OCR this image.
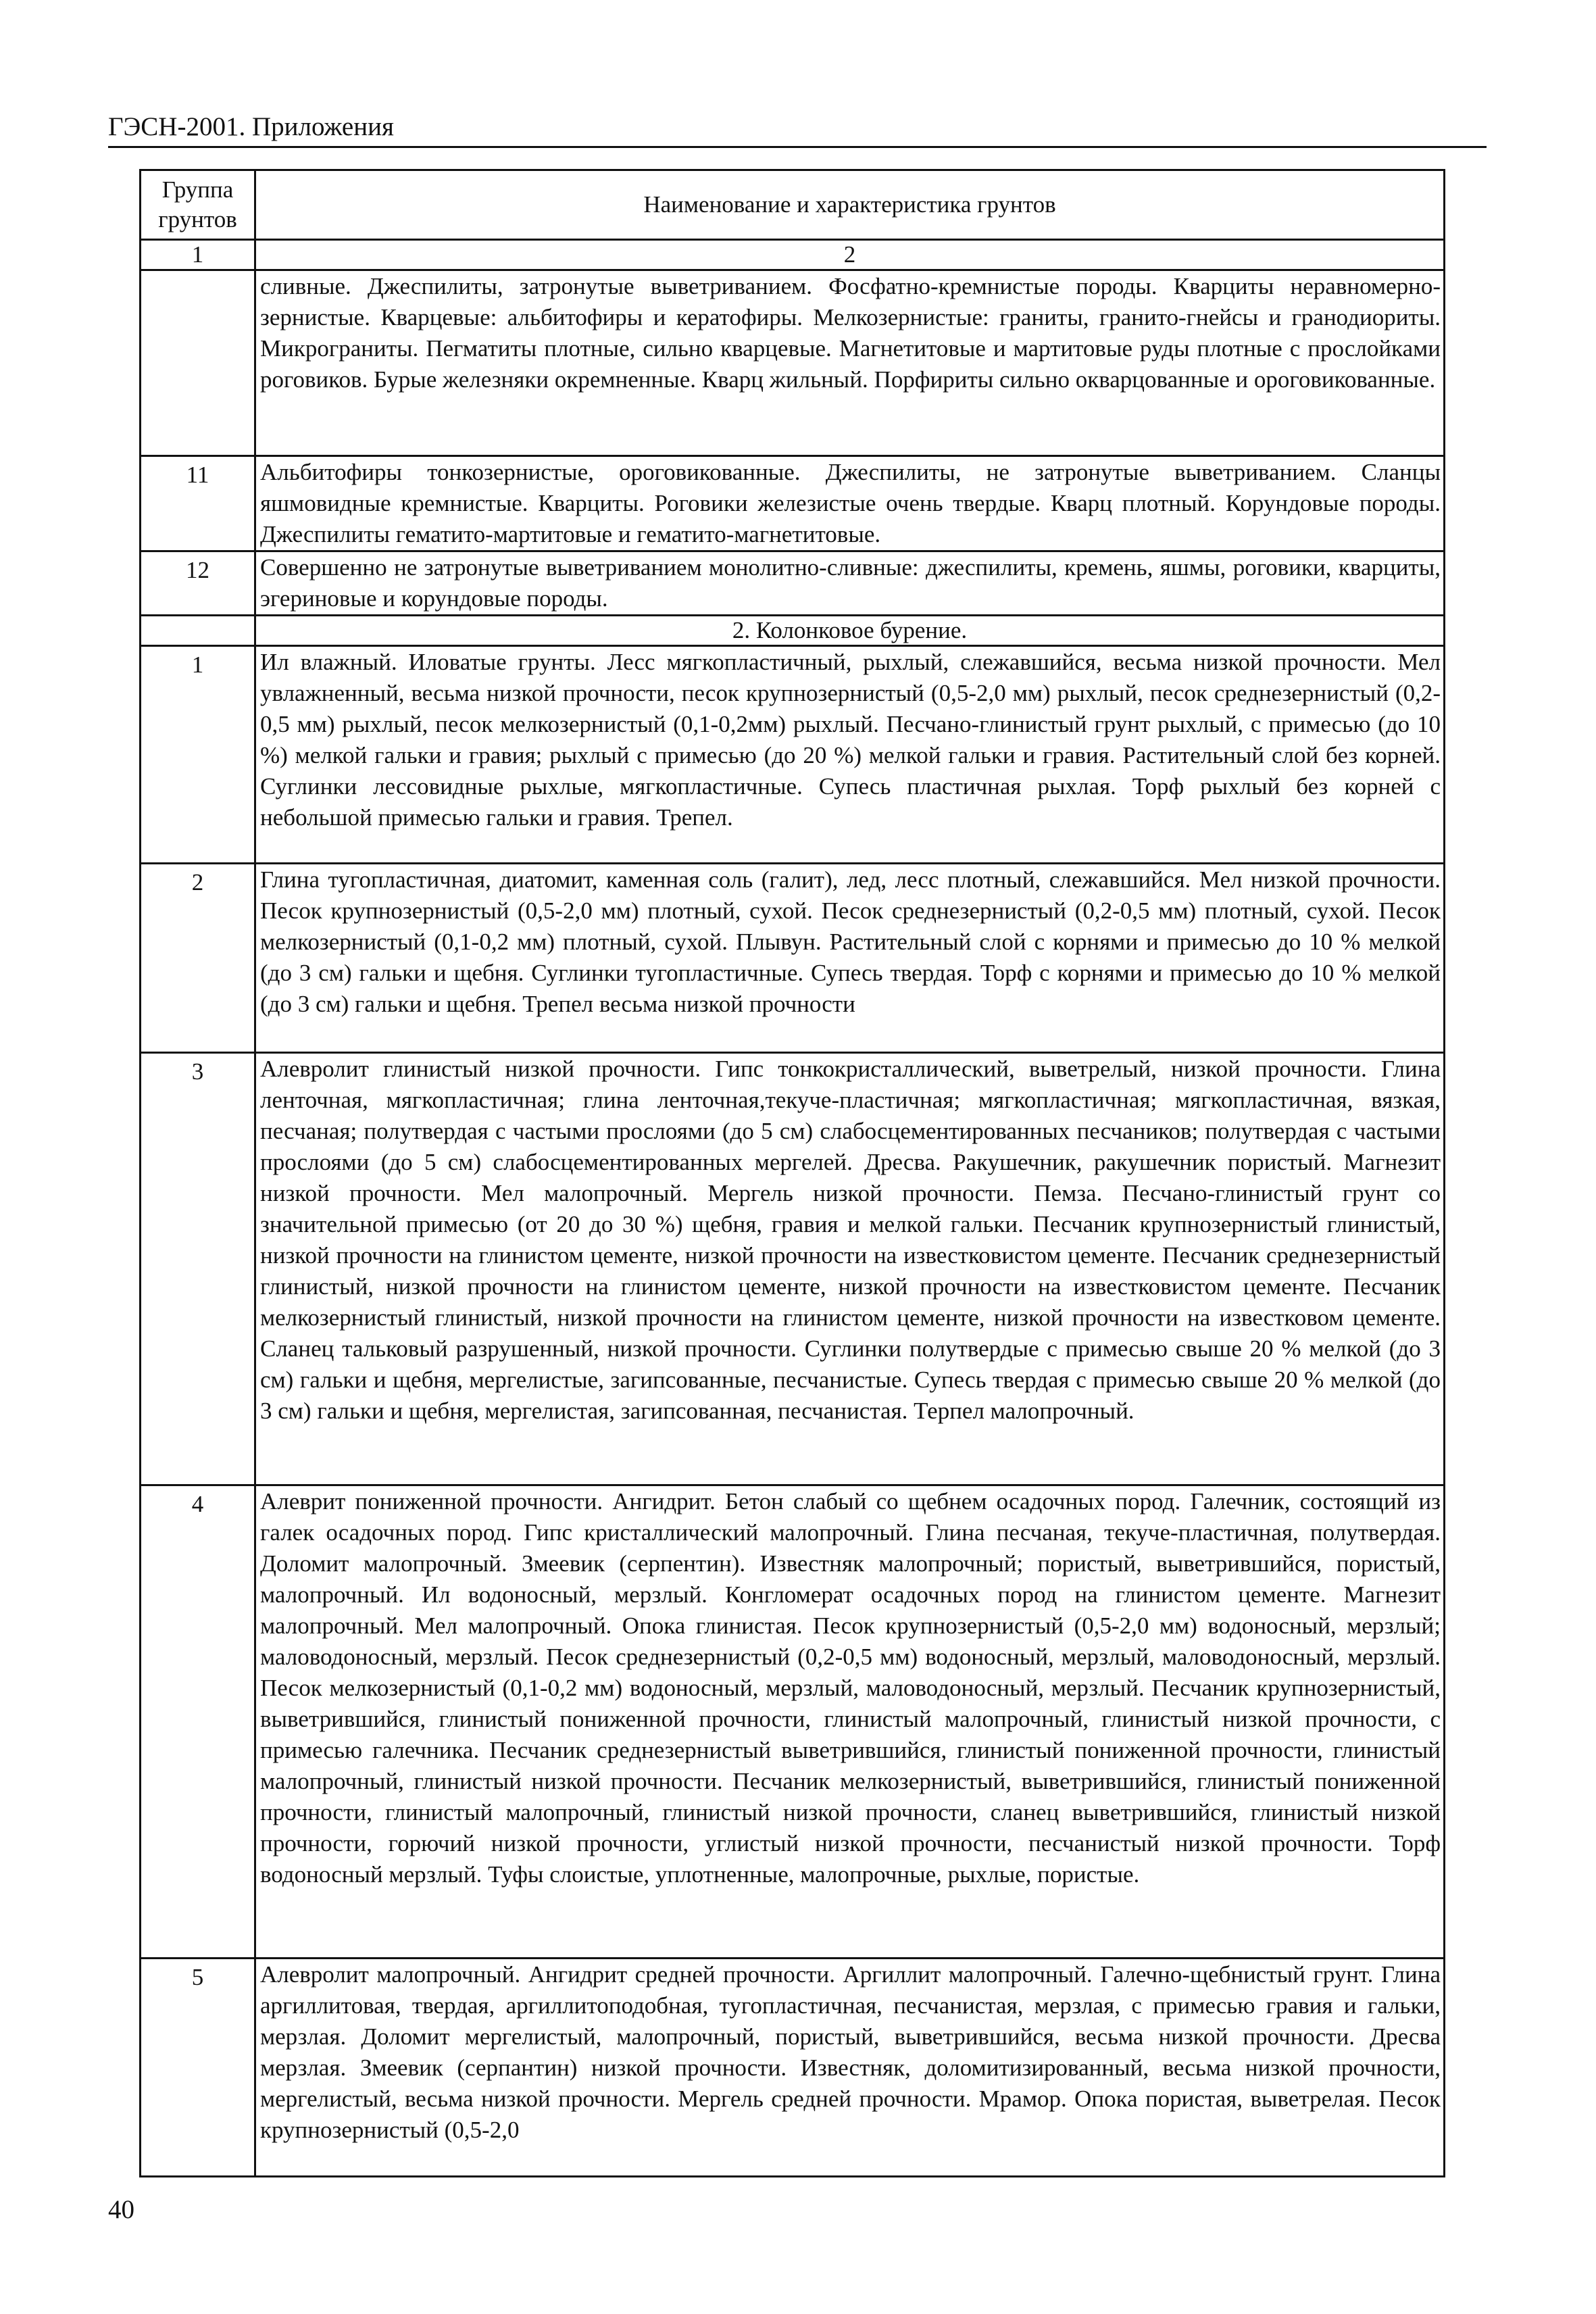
ГЭСН-2001. Приложения
Группа грунтов	Наименование и характеристика грунтов
1	2
	сливные. Джеспилиты, затронутые выветриванием. Фосфатно-кремнистые породы. Кварциты неравномерно-зернистые. Кварцевые: альбитофиры и кератофиры. Мелкозернистые: граниты, гранито-гнейсы и гранодиориты. Микрограниты. Пегматиты плотные, сильно кварцевые. Магнетитовые и мартитовые руды плотные с прослойками роговиков. Бурые железняки окремненные. Кварц жильный. Порфириты сильно окварцованные и ороговикованные.
11	Альбитофиры тонкозернистые, ороговикованные. Джеспилиты, не затронутые выветриванием. Сланцы яшмовидные кремнистые. Кварциты. Роговики железистые очень твердые. Кварц плотный. Корундовые породы. Джеспилиты гематито-мартитовые и гематито-магнетитовые.
12	Совершенно не затронутые выветриванием монолитно-сливные: джеспилиты, кремень, яшмы, роговики, кварциты, эгериновые и корундовые породы.
	2. Колонковое бурение.
1	Ил влажный. Иловатые грунты. Лесс мягкопластичный, рыхлый, слежавшийся, весьма низкой прочности. Мел увлажненный, весьма низкой прочности, песок крупнозернистый (0,5-2,0 мм) рыхлый, песок среднезернистый (0,2-0,5 мм) рыхлый, песок мелкозернистый (0,1-0,2мм) рыхлый. Песчано-глинистый грунт рыхлый, с примесью (до 10 %) мелкой гальки и гравия; рыхлый с примесью (до 20 %) мелкой гальки и гравия. Растительный слой без корней. Суглинки лессовидные рыхлые, мягкопластичные. Супесь пластичная рыхлая. Торф рыхлый без корней с небольшой примесью гальки и гравия. Трепел.
2	Глина тугопластичная, диатомит, каменная соль (галит), лед, лесс плотный, слежавшийся. Мел низкой прочности. Песок крупнозернистый (0,5-2,0 мм) плотный, сухой. Песок среднезернистый (0,2-0,5 мм) плотный, сухой. Песок мелкозернистый (0,1-0,2 мм) плотный, сухой. Плывун. Растительный слой с корнями и примесью до 10 % мелкой (до 3 см) гальки и щебня. Суглинки тугопластичные. Супесь твердая. Торф с корнями и примесью до 10 % мелкой (до 3 см) гальки и щебня. Трепел весьма низкой прочности
3	Алевролит глинистый низкой прочности. Гипс тонкокристаллический, выветрелый, низкой прочности. Глина ленточная, мягкопластичная; глина ленточная,текуче-пластичная; мягкопластичная; мягкопластичная, вязкая, песчаная; полутвердая с частыми прослоями (до 5 см) слабосцементированных песчаников; полутвердая с частыми прослоями (до 5 см) слабосцементированных мергелей. Дресва. Ракушечник, ракушечник пористый. Магнезит низкой прочности. Мел малопрочный. Мергель низкой прочности. Пемза. Песчано-глинистый грунт со значительной примесью (от 20 до 30 %) щебня, гравия и мелкой гальки. Песчаник крупнозернистый глинистый, низкой прочности на глинистом цементе, низкой прочности на известковистом цементе. Песчаник среднезернистый глинистый, низкой прочности на глинистом цементе, низкой прочности на известковистом цементе. Песчаник мелкозернистый глинистый, низкой прочности на глинистом цементе, низкой прочности на известковом цементе. Сланец тальковый разрушенный, низкой прочности. Суглинки полутвердые с примесью свыше 20 % мелкой (до 3 см) гальки и щебня, мергелистые, загипсованные, песчанистые. Супесь твердая с примесью свыше 20 % мелкой (до 3 см) гальки и щебня, мергелистая, загипсованная, песчанистая. Терпел малопрочный.
4	Алеврит пониженной прочности. Ангидрит. Бетон слабый со щебнем осадочных пород. Галечник, состоящий из галек осадочных пород. Гипс кристаллический малопрочный. Глина песчаная, текуче-пластичная, полутвердая. Доломит малопрочный. Змеевик (серпентин). Известняк малопрочный; пористый, выветрившийся, пористый, малопрочный. Ил водоносный, мерзлый. Конгломерат осадочных пород на глинистом цементе. Магнезит малопрочный. Мел малопрочный. Опока глинистая. Песок крупнозернистый (0,5-2,0 мм) водоносный, мерзлый; маловодоносный, мерзлый. Песок среднезернистый (0,2-0,5 мм) водоносный, мерзлый, маловодоносный, мерзлый. Песок мелкозернистый (0,1-0,2 мм) водоносный, мерзлый, маловодоносный, мерзлый. Песчаник крупнозернистый, выветрившийся, глинистый пониженной прочности, глинистый малопрочный, глинистый низкой прочности, с примесью галечника. Песчаник среднезернистый выветрившийся, глинистый пониженной прочности, глинистый малопрочный, глинистый низкой прочности. Песчаник мелкозернистый, выветрившийся, глинистый пониженной прочности, глинистый малопрочный, глинистый низкой прочности, сланец выветрившийся, глинистый низкой прочности, горючий низкой прочности, углистый низкой прочности, песчанистый низкой прочности. Торф водоносный мерзлый. Туфы слоистые, уплотненные, малопрочные, рыхлые, пористые.
5	Алевролит малопрочный. Ангидрит средней прочности. Аргиллит малопрочный. Галечно-щебнистый грунт. Глина аргиллитовая, твердая, аргиллитоподобная, тугопластичная, песчанистая, мерзлая, с примесью гравия и гальки, мерзлая. Доломит мергелистый, малопрочный, пористый, выветрившийся, весьма низкой прочности. Дресва мерзлая. Змеевик (серпантин) низкой прочности. Известняк, доломитизированный, весьма низкой прочности, мергелистый, весьма низкой прочности. Мергель средней прочности. Мрамор. Опока пористая, выветрелая. Песок крупнозернистый (0,5-2,0
40
